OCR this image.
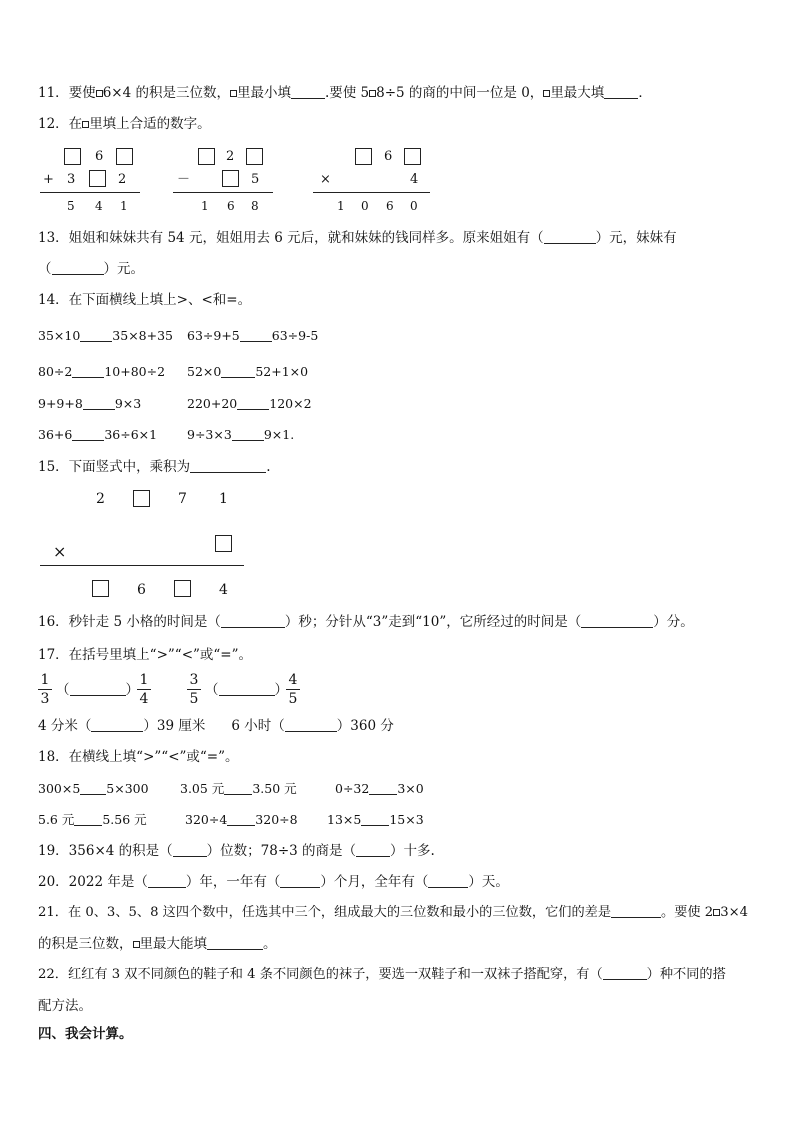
11．要使 6×4 的积是三位数， 里最小填	.要使 5 8÷5 的商的中间一位是 0， 里最大填	．
12．在 里填上合适的数字。
6
+ 3	2
5 4 1
2
－	5
1 6 8
6
×	4
1 0 6 0
13．姐姐和妹妹共有 54 元，姐姐用去 6 元后，就和妹妹的钱同样多。原来姐姐有（	）元，妹妹有
（	）元。
14．在下面横线上填上>、<和=。
35×10	35×8+35 63÷9+5	63÷9-5
80÷2	10+80÷2 52×0	52+1×0
9+9+8	9×3	220+20	120×2
36+6	36÷6×1 9÷3×3	9×1.
15．下面竖式中，乘积为	.
2	7 1
×
6	4
16．秒针走 5 小格的时间是（	）秒；分针从“3”走到“10”，它所经过的时间是（	）分。
17．在括号里填上“>”“<”或“=”。
1
3
（	）
1
4
3
5
（	）
4
5
4 分米（	）39 厘米 6 小时（	）360 分
18．在横线上填“>”“<”或“=”。
300×5 5×300	3.05 元 3.50 元	0÷32 3×0
5.6 元 5.56 元	320÷4 320÷8 13×5 15×3
19．356×4 的积是（	）位数；78÷3 的商是（	）十多.
20．2022 年是（	）年，一年有（	）个月，全年有（	）天。
21．在 0、3、5、8 这四个数中，任选其中三个，组成最大的三位数和最小的三位数，它们的差是	。要使 2 3×4
的积是三位数， 里最大能填	。
22．红红有 3 双不同颜色的鞋子和 4 条不同颜色的袜子，要选一双鞋子和一双袜子搭配穿，有（	）种不同的搭
配方法。
四、我会计算。
